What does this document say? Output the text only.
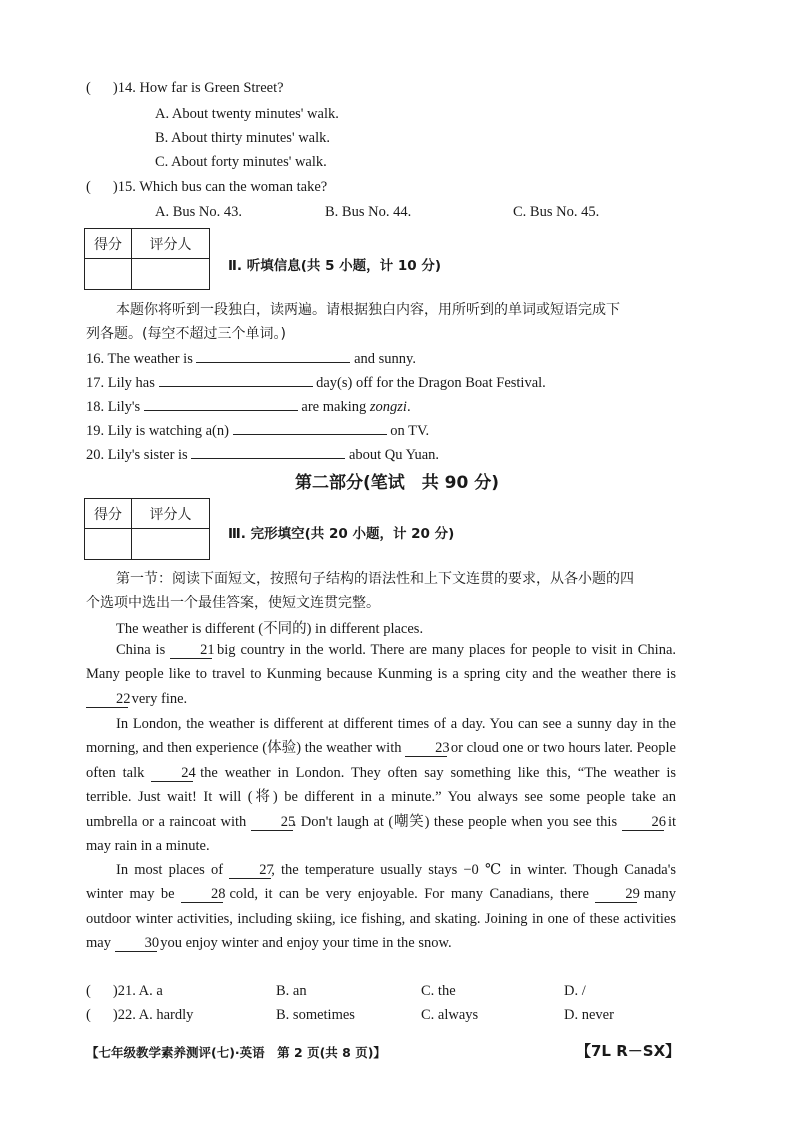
( )14. How far is Green Street?
A. About twenty minutes' walk.
B. About thirty minutes' walk.
C. About forty minutes' walk.
( )15. Which bus can the woman take?
A. Bus No. 43.	B. Bus No. 44.	C. Bus No. 45.
得分	评分人

Ⅱ. 听填信息(共 5 小题，计 10 分)
本题你将听到一段独白，读两遍。请根据独白内容，用所听到的单词或短语完成下
列各题。(每空不超过三个单词。)
16. The weather is	and sunny.
17. Lily has	day(s) off for the Dragon Boat Festival.
18. Lily's	are making zongzi.
19. Lily is watching a(n)	on TV.
20. Lily's sister is	about Qu Yuan.
第二部分(笔试　共 90 分)
得分	评分人

Ⅲ. 完形填空(共 20 小题，计 20 分)
第一节：阅读下面短文，按照句子结构的语法性和上下文连贯的要求，从各小题的四
个选项中选出一个最佳答案，使短文连贯完整。
The weather is different (不同的) in different places.
China is 21 big country in the world. There are many places for people to visit in China. Many people like to travel to Kunming because Kunming is a spring city and the weather there is 22 very fine.
In London, the weather is different at different times of a day. You can see a sunny day in the morning, and then experience (体验) the weather with 23 or cloud one or two hours later. People often talk	24 the weather in London. They often say something like this, “The weather is terrible. Just wait! It will (将) be different in a minute.” You always see some people take an umbrella or a raincoat with 25. Don't laugh at (嘲笑) these people when you see this 26 it may rain in a minute.
In most places of 27, the temperature usually stays −0 ℃ in winter. Though Canada's winter may be	28 cold, it can be very enjoyable. For many Canadians, there	29 many outdoor winter activities, including skiing, ice fishing, and skating. Joining in one of these activities may 30 you enjoy winter and enjoy your time in the snow.
( )21. A. a	B. an	C. the	D. /
( )22. A. hardly	B. sometimes	C. always	D. never
【七年级教学素养测评(七)·英语　第 2 页(共 8 页)】	【7L R－SX】
